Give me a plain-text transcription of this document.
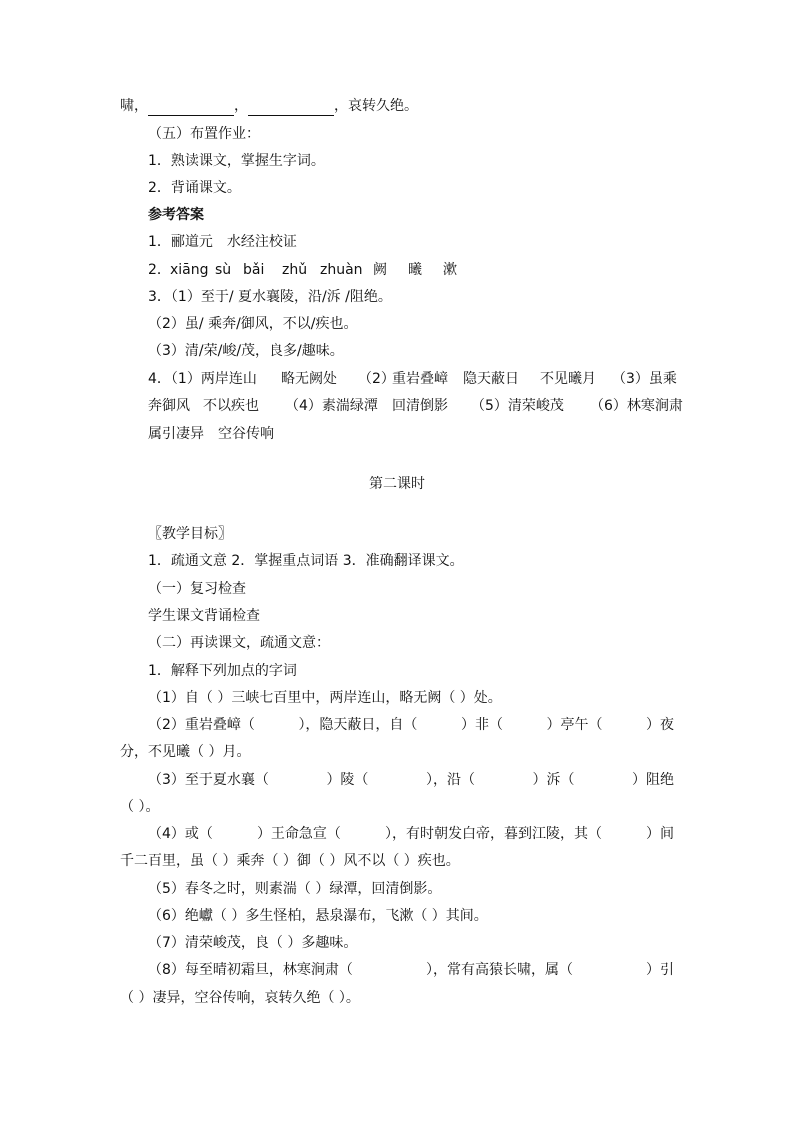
啸，	，	，哀转久绝。
（五）布置作业：
1．熟读课文，掌握生字词。
2．背诵课文。
参考答案
1．郦道元　水经注校证
2． xiāng sù bǎi zhǔ zhuàn 阙 曦 漱
3．（1）至于/ 夏水襄陵，沿/泝 /阻绝。
（2）虽/ 乘奔/御风，不以/疾也。
（3）清/荣/峻/茂，良多/趣味。
4．（1）两岸连山 略无阙处 （2）
重岩叠嶂 隐天蔽日 不见曦月 （3）虽乘
奔御风 不以疾也 （4）素湍绿潭 回清倒影 （5）清荣峻茂 （6）林寒涧肃
属引凄异　空谷传响
第二课时
〖教学目标〗
1．疏通文意 2．掌握重点词语 3．准确翻译课文。
（一）复习检查
学生课文背诵检查
（二）再读课文，疏通文意：
1．解释下列加点的字词
（1）自（ ）三峡七百里中，两岸连山，略无阙（ ）处。
（2）重岩叠嶂（	），隐天蔽日，自（	）非（	）亭午（	）夜
分，不见曦（ ）月。
（3）至于夏水襄（	）陵（	），沿（	）泝（	）阻绝
（ ）。
（4）或（	）王命急宣（	），有时朝发白帝，暮到江陵，其（	）间
千二百里，虽（ ）乘奔（ ）御（ ）风不以（ ）疾也。
（5）春冬之时，则素湍（ ）绿潭，回清倒影。
（6）绝巘（ ）多生怪柏，悬泉瀑布，飞漱（ ）其间。
（7）清荣峻茂，良（ ）多趣味。
（8）每至晴初霜旦，林寒涧肃（	），常有高猿长啸，属（	）引
（ ）凄异，空谷传响，哀转久绝（ ）。
